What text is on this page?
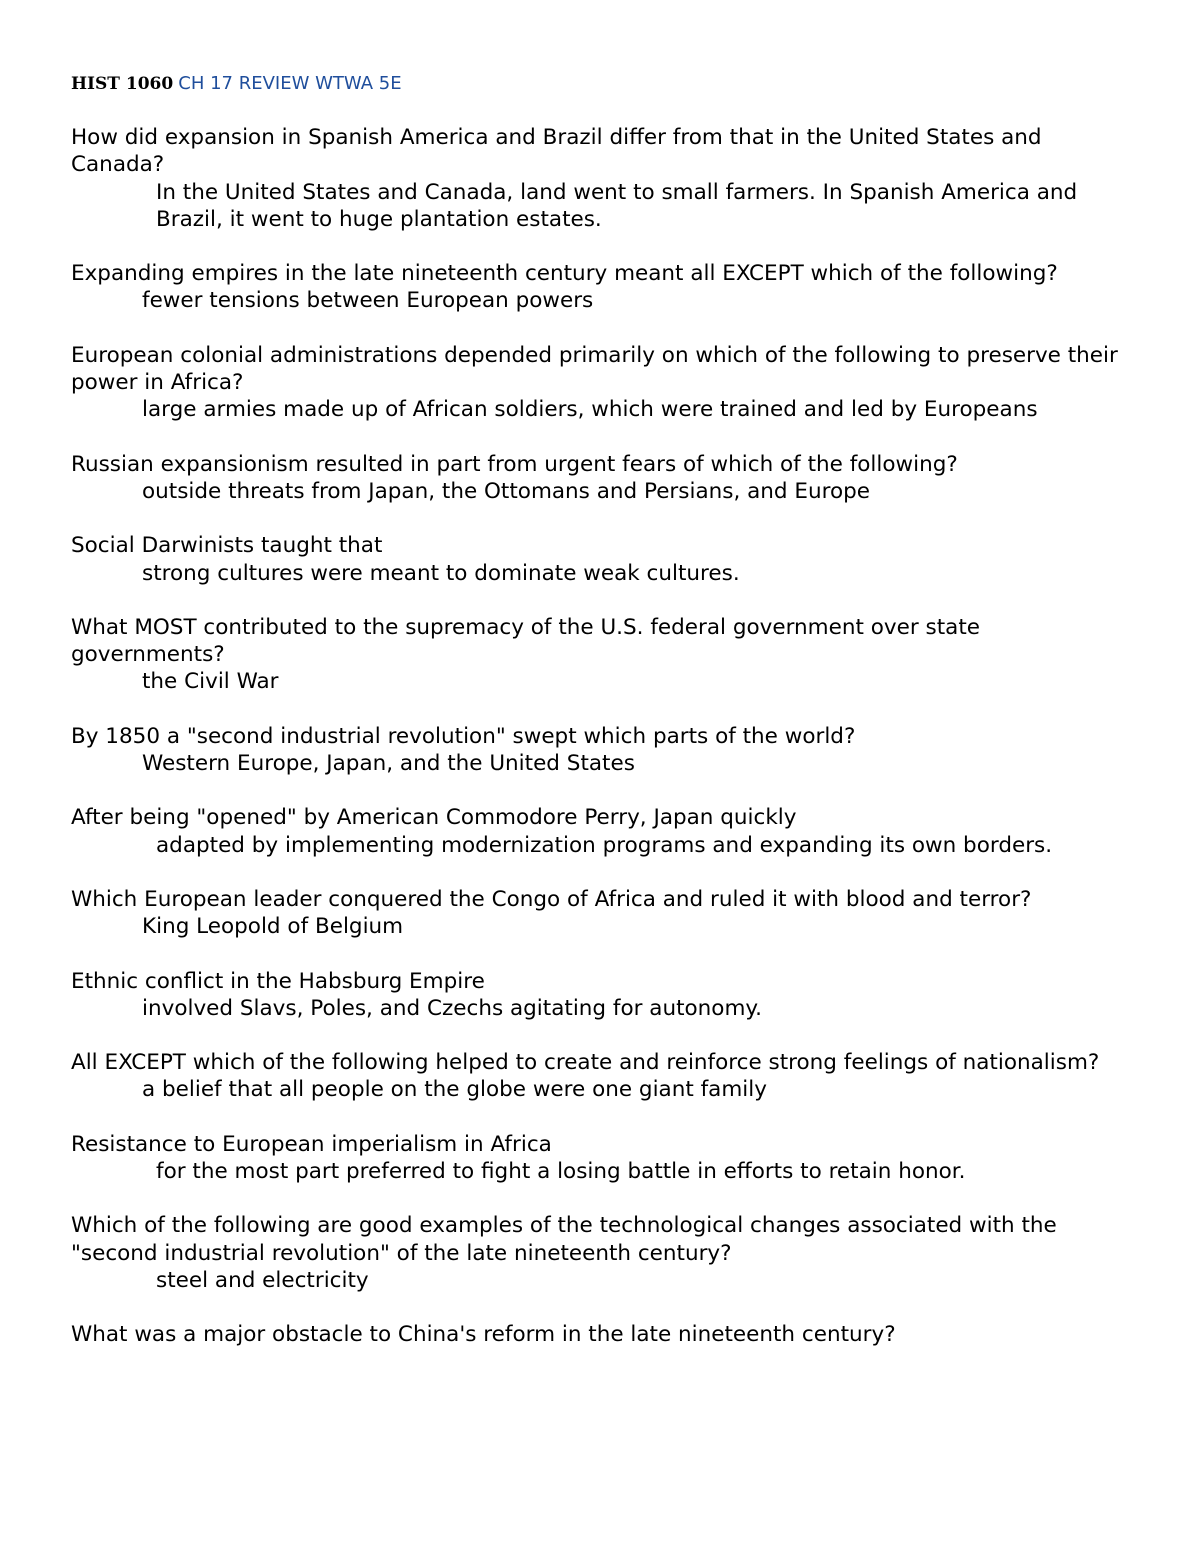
HIST 1060 CH 17 REVIEW WTWA 5E

How did expansion in Spanish America and Brazil differ from that in the United States and Canada?

In the United States and Canada, land went to small farmers. In Spanish America and Brazil, it went to huge plantation estates.

Expanding empires in the late nineteenth century meant all EXCEPT which of the following?

fewer tensions between European powers

European colonial administrations depended primarily on which of the following to preserve their power in Africa?

large armies made up of African soldiers, which were trained and led by Europeans

Russian expansionism resulted in part from urgent fears of which of the following?

outside threats from Japan, the Ottomans and Persians, and Europe

Social Darwinists taught that

strong cultures were meant to dominate weak cultures.

What MOST contributed to the supremacy of the U.S. federal government over state governments?

the Civil War

By 1850 a "second industrial revolution" swept which parts of the world?

Western Europe, Japan, and the United States

After being "opened" by American Commodore Perry, Japan quickly

adapted by implementing modernization programs and expanding its own borders.

Which European leader conquered the Congo of Africa and ruled it with blood and terror?

King Leopold of Belgium

Ethnic conflict in the Habsburg Empire

involved Slavs, Poles, and Czechs agitating for autonomy.

All EXCEPT which of the following helped to create and reinforce strong feelings of nationalism?

a belief that all people on the globe were one giant family

Resistance to European imperialism in Africa

for the most part preferred to fight a losing battle in efforts to retain honor.

Which of the following are good examples of the technological changes associated with the "second industrial revolution" of the late nineteenth century?

steel and electricity

What was a major obstacle to China's reform in the late nineteenth century?
